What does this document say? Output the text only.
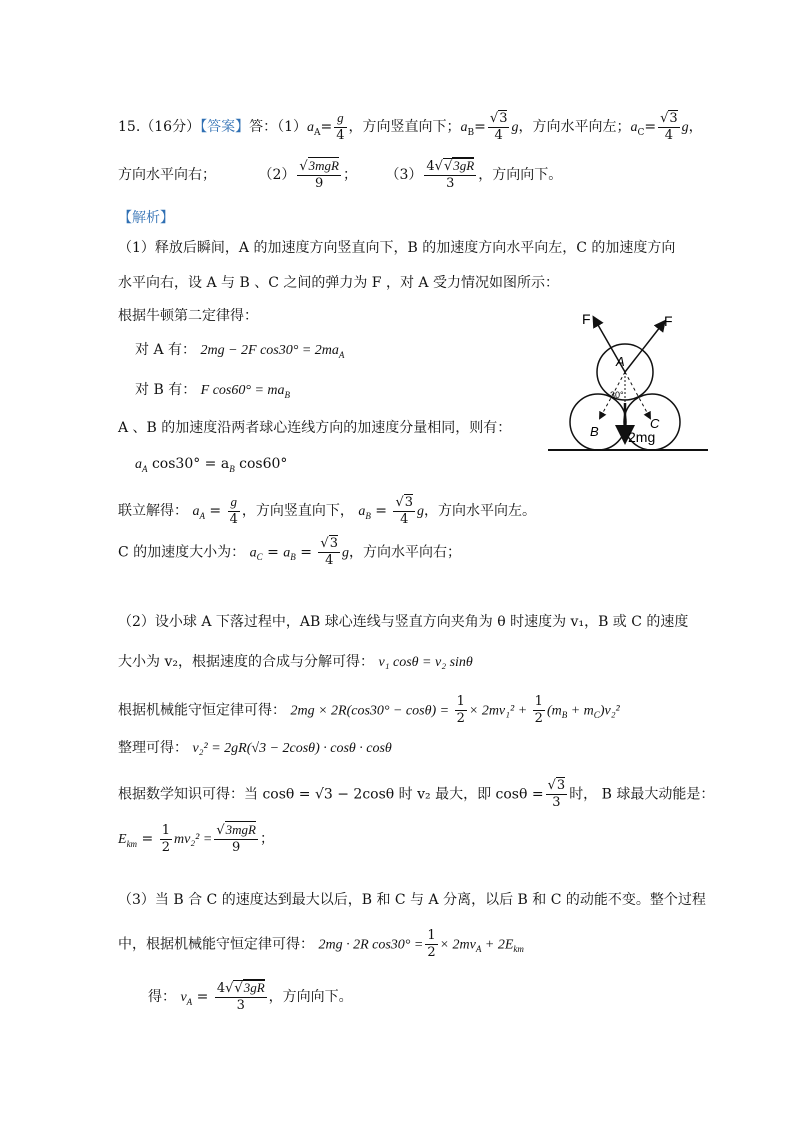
15.（16分）【答案】答：$(1)a_A= \frac{g}{4}$ ，方向竖直向下；$a_B= \frac{√3}{4}$ g，方向水平向左；$a_C= \frac{√3}{4}$ g，
方向水平向右；	$(2) \frac{\text{√3mgR}}{9}$ ； $(3) \frac{4√√3gR}{3}$ ，方向向下。
【解析】
（1）释放后瞬间，A 的加速度方向竖直向下，B 的加速度方向水平向左，C 的加速度方向
水平向右，设 A 与 B 、C 之间的弹力为 F ，对 A 受力情况如图所示：
根据牛顿第二定律得：
对 A 有： 2mg − 2F $\cos 30^\circ = 2ma_A$
对 B 有： F $\cos 60^\circ = ma_B$
A 、B 的加速度沿两者球心连线方向的加速度分量相同，则有：
$a_A$ $\cos 30^\circ = a_B$ cos60°
联立解得： $a_A = \frac{g}{4}$ ，方向竖直向下， $a_B = \frac{√3}{4}$ g，方向水平向左。
C 的加速度大小为： $a_C = a_B = \frac{√3}{4}$ g，方向水平向右；
（2）设小球 A 下落过程中，AB 球心连线与竖直方向夹角为 θ 时速度为 v₁，B 或 C 的速度
大小为 v₂，根据速度的合成与分解可得： v₁ cosθ = v₂ sinθ
根据机械能守恒定律可得： $2mg \times 2R(\cos 30^\circ - \cos\theta) = \frac{1}{2} \times 2mv_1^2 + \frac{1}{2} (m_B + m_C)v_2^2$
整理可得： v₂² = 2gR(√3 − 2cosθ) · cosθ · cosθ
根据数学知识可得：当 cosθ = √3 − 2cosθ 时 v₂ 最大，即 $\cos\theta = \frac{√3}{3}$ 时， B 球最大动能是：
$E_{km} = \frac{1}{2} mv_2^2 = \frac{\text{√3mgR}}{9}$ ；
（3）当 B 合 C 的速度达到最大以后，B 和 C 与 A 分离，以后 B 和 C 的动能不变。整个过程
中，根据机械能守恒定律可得： 2mg · 2R $\cos 30^\circ = \frac{1}{2} \times 2mv_A + 2E_{km}$
得： $v_A = \frac{4√√3gR}{3}$ ，方向向下。
F	F
A
B
C
30°
2mg
